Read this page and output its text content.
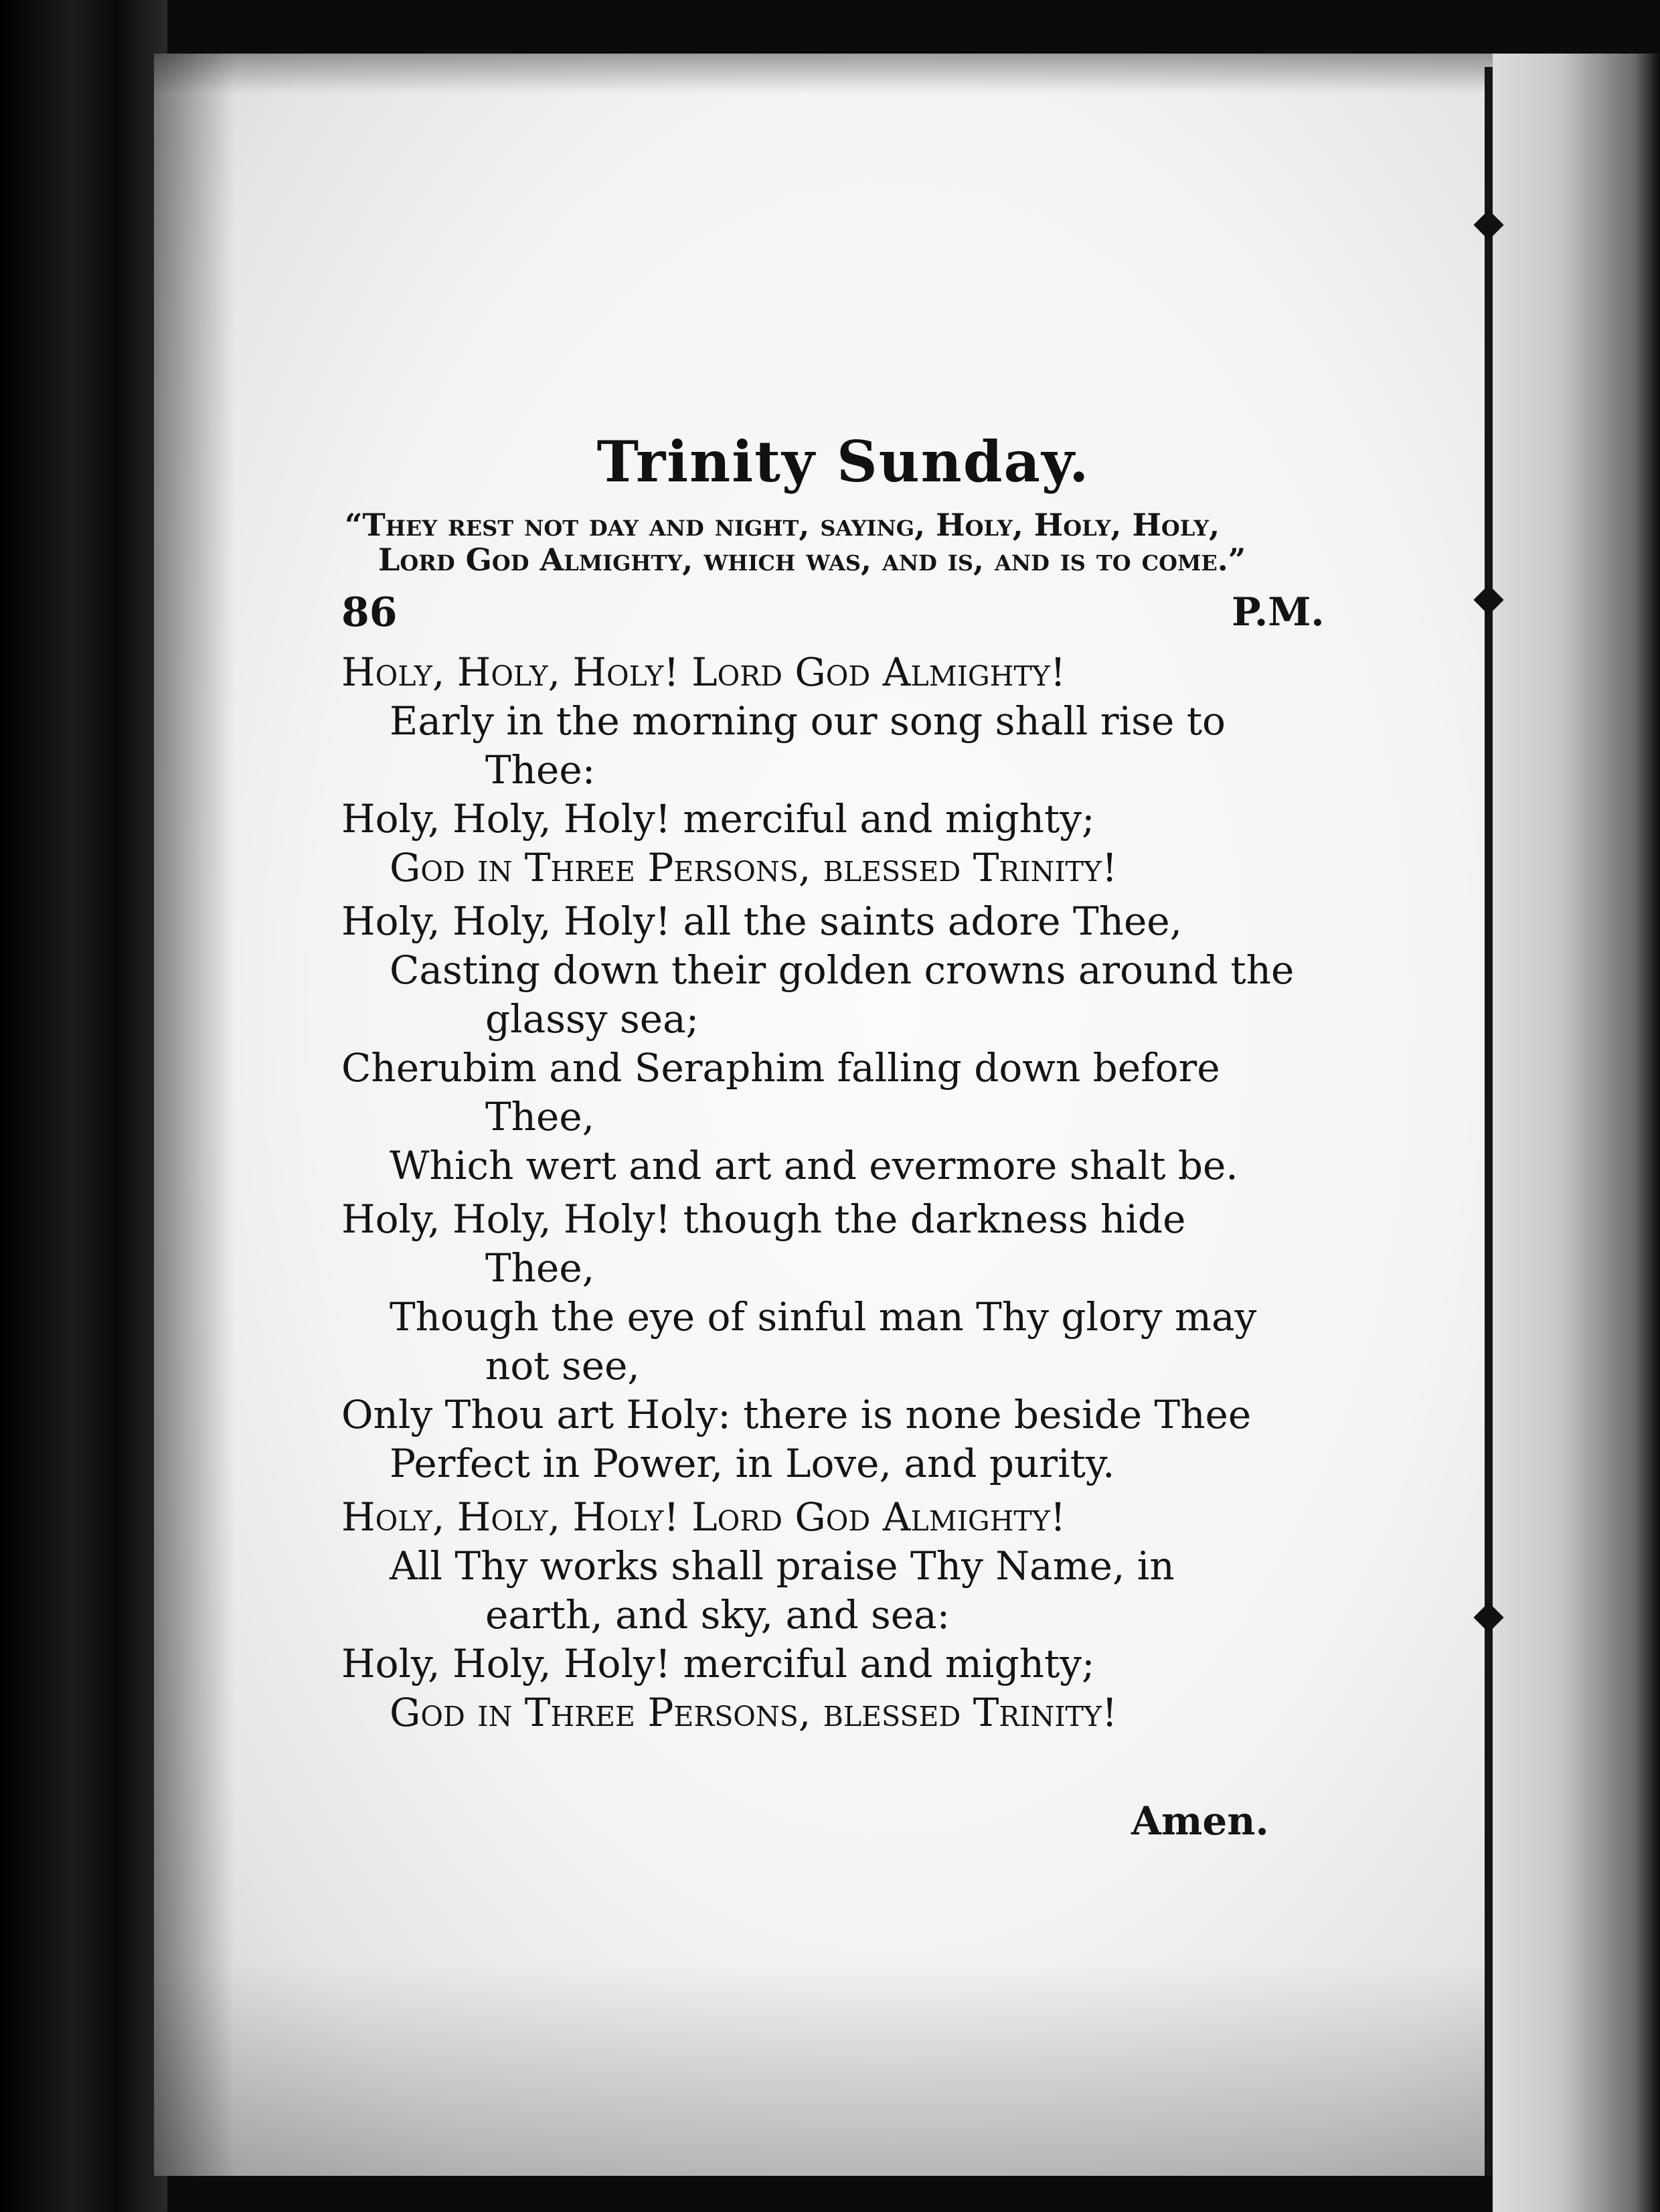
Trinity Sunday.
“They rest not day and night, saying, Holy, Holy, Holy,
Lord God Almighty, which was, and is, and is to come.”
86	P.M.
Holy, Holy, Holy! Lord God Almighty!
Early in the morning our song shall rise to
Thee:
Holy, Holy, Holy! merciful and mighty;
God in Three Persons, blessed Trinity!
Holy, Holy, Holy! all the saints adore Thee,
Casting down their golden crowns around the
glassy sea;
Cherubim and Seraphim falling down before
Thee,
Which wert and art and evermore shalt be.
Holy, Holy, Holy! though the darkness hide
Thee,
Though the eye of sinful man Thy glory may
not see,
Only Thou art Holy: there is none beside Thee
Perfect in Power, in Love, and purity.
Holy, Holy, Holy! Lord God Almighty!
All Thy works shall praise Thy Name, in
earth, and sky, and sea:
Holy, Holy, Holy! merciful and mighty;
God in Three Persons, blessed Trinity!
Amen.
